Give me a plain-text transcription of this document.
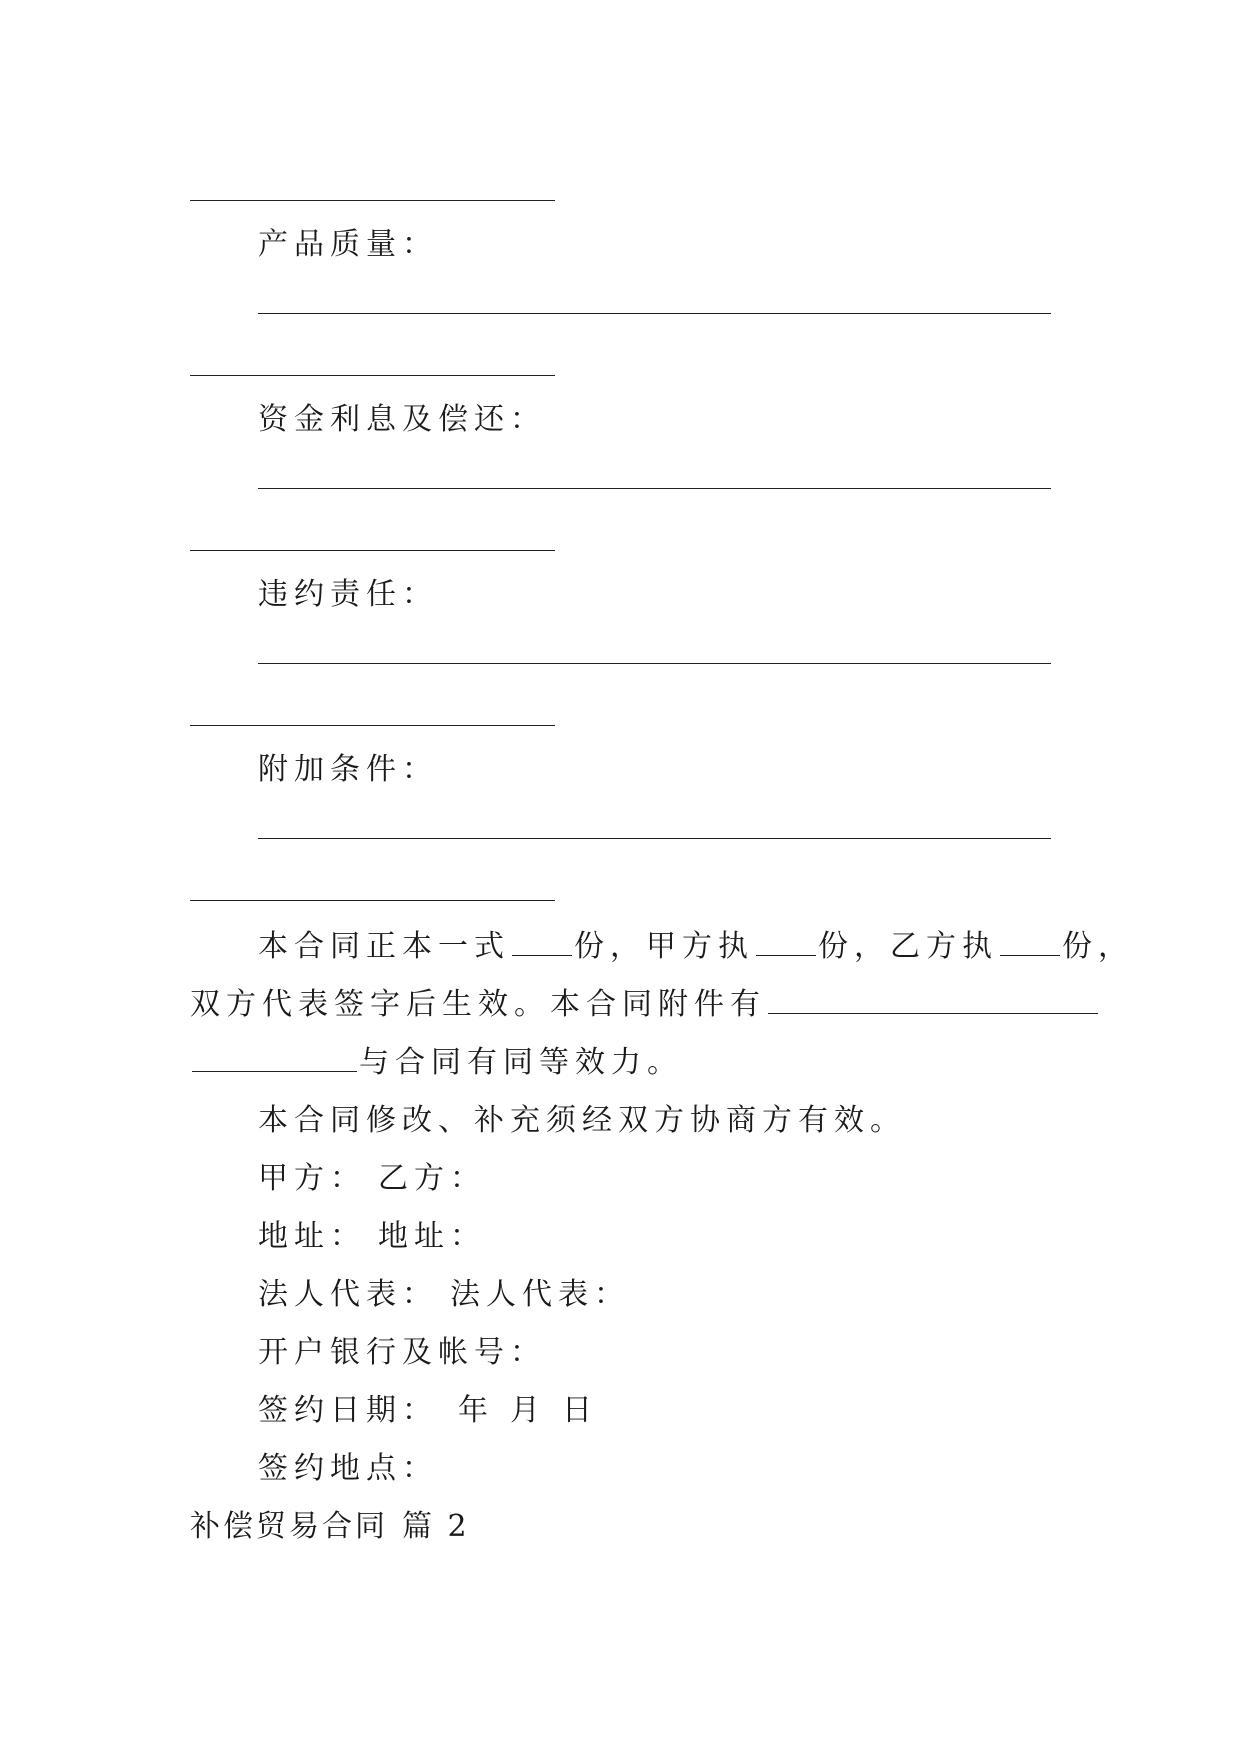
产品质量：
资金利息及偿还：
违约责任：
附加条件：
本合同正本一式 份，甲方执 份，乙方执 份，
双方代表签字后生效。本合同附件有
与合同有同等效力。
本合同修改、补充须经双方协商方有效。
甲方： 乙方：
地址： 地址：
法人代表： 法人代表：
开户银行及帐号：
签约日期： 年 月 日
签约地点：
补偿贸易合同 篇 2
